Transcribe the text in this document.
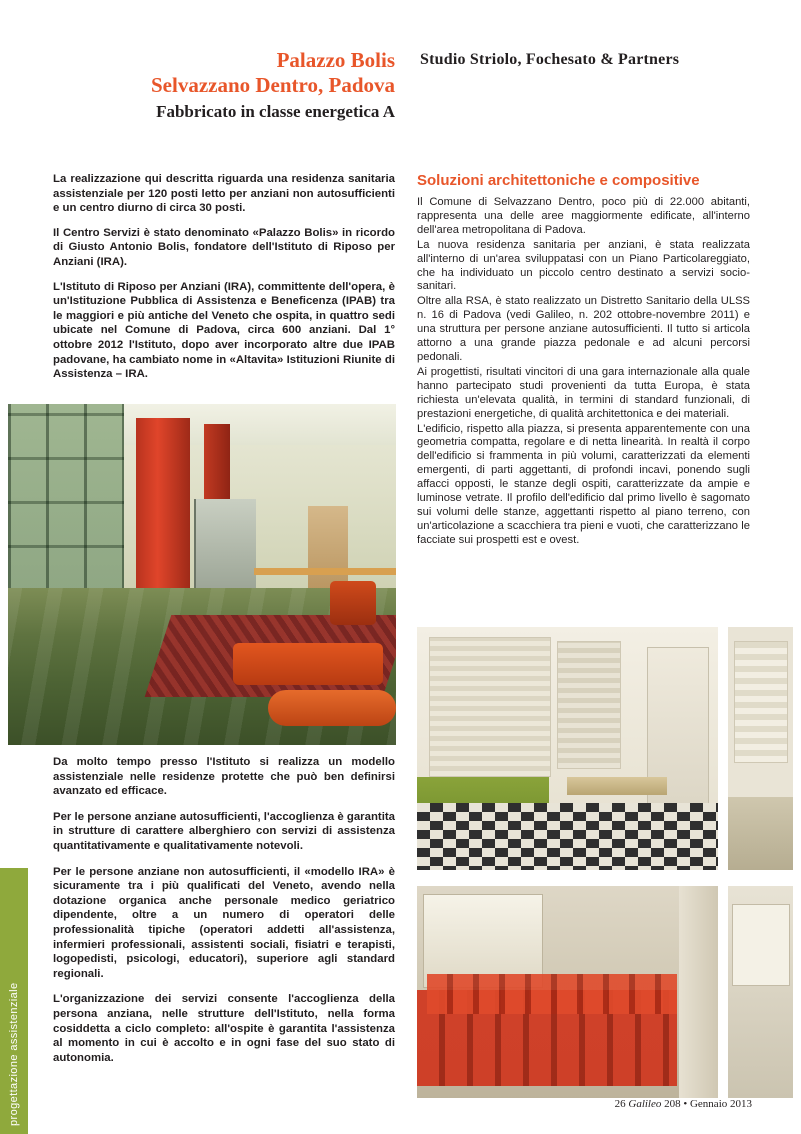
Palazzo Bolis
Selvazzano Dentro, Padova
Fabbricato in classe energetica A
Studio Striolo, Fochesato & Partners

La realizzazione qui descritta riguarda una residenza sanitaria assistenziale per 120 posti letto per anziani non autosufficienti e un centro diurno di circa 30 posti.

Il Centro Servizi è stato denominato «Palazzo Bolis» in ricordo di Giusto Antonio Bolis, fondatore dell'Istituto di Riposo per Anziani (IRA).

L'Istituto di Riposo per Anziani (IRA), committente dell'opera, è un'Istituzione Pubblica di Assistenza e Beneficenza (IPAB) tra le maggiori e più antiche del Veneto che ospita, in quattro sedi ubicate nel Comune di Padova, circa 600 anziani. Dal 1° ottobre 2012 l'Istituto, dopo aver incorporato altre due IPAB padovane, ha cambiato nome in «Altavita» Istituzioni Riunite di Assistenza – IRA.

Soluzioni architettoniche e compositive

Il Comune di Selvazzano Dentro, poco più di 22.000 abitanti, rappresenta una delle aree maggiormente edificate, all'interno dell'area metropolitana di Padova.

La nuova residenza sanitaria per anziani, è stata realizzata all'interno di un'area sviluppatasi con un Piano Particolareggiato, che ha individuato un piccolo centro destinato a servizi socio-sanitari.

Oltre alla RSA, è stato realizzato un Distretto Sanitario della ULSS n. 16 di Padova (vedi Galileo, n. 202 ottobre-novembre 2011) e una struttura per persone anziane autosufficienti. Il tutto si articola attorno a una grande piazza pedonale e ad alcuni percorsi pedonali.

Ai progettisti, risultati vincitori di una gara internazionale alla quale hanno partecipato studi provenienti da tutta Europa, è stata richiesta un'elevata qualità, in termini di standard funzionali, di prestazioni energetiche, di qualità architettonica e dei materiali.

L'edificio, rispetto alla piazza, si presenta apparentemente con una geometria compatta, regolare e di netta linearità. In realtà il corpo dell'edificio si frammenta in più volumi, caratterizzati da elementi emergenti, di parti aggettanti, di profondi incavi, ponendo sugli affacci opposti, le stanze degli ospiti, caratterizzate da ampie e luminose vetrate. Il profilo dell'edificio dal primo livello è sagomato sui volumi delle stanze, aggettanti rispetto al piano terreno, con un'articolazione a scacchiera tra pieni e vuoti, che caratterizzano le facciate sui prospetti est e ovest.

progettazione assistenziale

Da molto tempo presso l'Istituto si realizza un modello assistenziale nelle residenze protette che può ben definirsi avanzato ed efficace.

Per le persone anziane autosufficienti, l'accoglienza è garantita in strutture di carattere alberghiero con servizi di assistenza quantitativamente e qualitativamente notevoli.

Per le persone anziane non autosufficienti, il «modello IRA» è sicuramente tra i più qualificati del Veneto, avendo nella dotazione organica anche personale medico geriatrico dipendente, oltre a un numero di operatori delle professionalità tipiche (operatori addetti all'assistenza, infermieri professionali, assistenti sociali, fisiatri e terapisti, logopedisti, psicologi, educatori), superiore agli standard regionali.

L'organizzazione dei servizi consente l'accoglienza della persona anziana, nelle strutture dell'Istituto, nella forma cosiddetta a ciclo completo: all'ospite è garantita l'assistenza al momento in cui è accolto e in ogni fase del suo stato di autonomia.

26 Galileo 208 • Gennaio 2013
